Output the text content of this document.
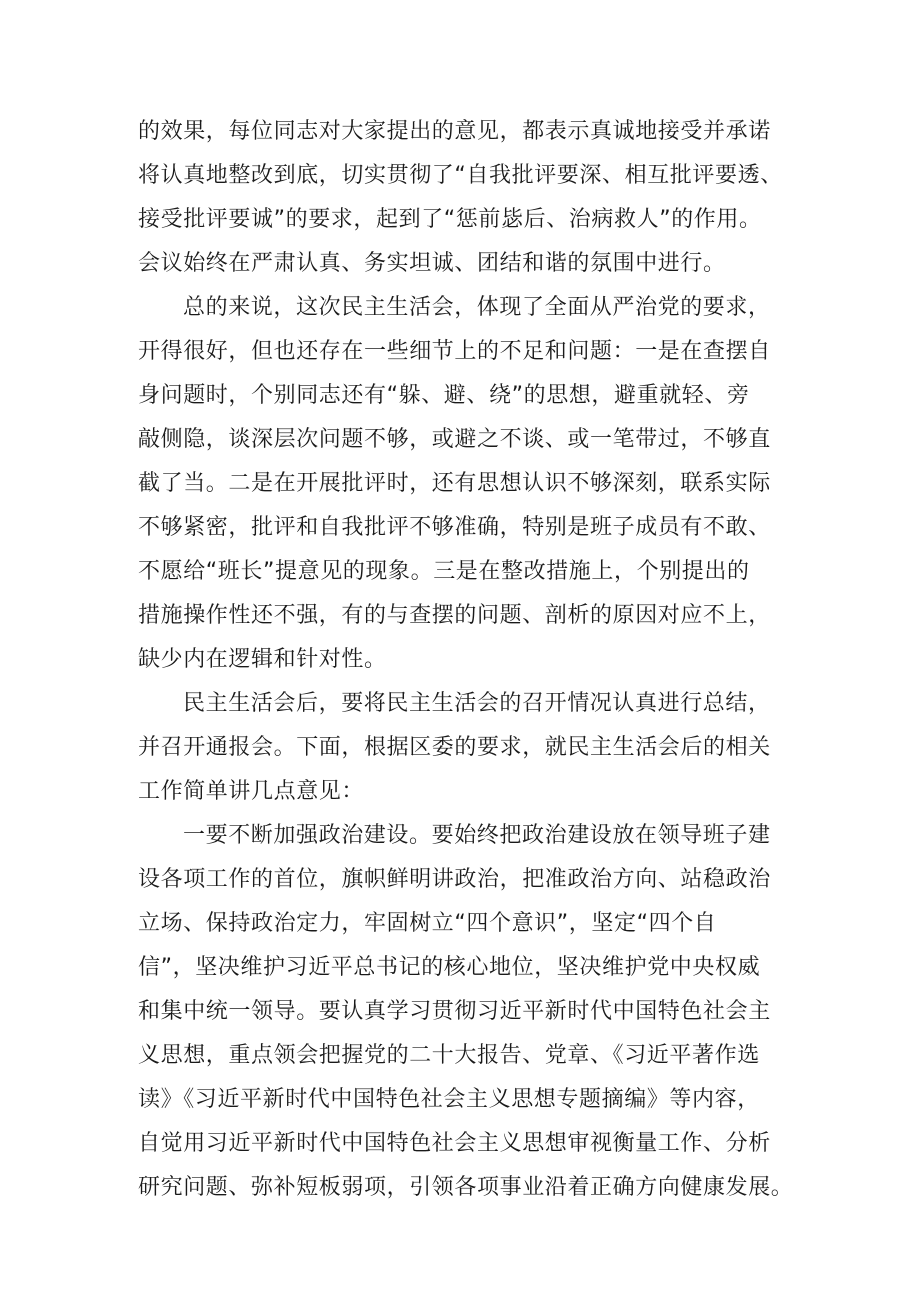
的效果，每位同志对大家提出的意见，都表示真诚地接受并承诺
将认真地整改到底，切实贯彻了“自我批评要深、相互批评要透、
接受批评要诚”的要求，起到了“惩前毖后、治病救人”的作用。
会议始终在严肃认真、务实坦诚、团结和谐的氛围中进行。
总的来说，这次民主生活会，体现了全面从严治党的要求，
开得很好，但也还存在一些细节上的不足和问题：一是在查摆自
身问题时，个别同志还有“躲、避、绕”的思想，避重就轻、旁
敲侧隐，谈深层次问题不够，或避之不谈、或一笔带过，不够直
截了当。二是在开展批评时，还有思想认识不够深刻，联系实际
不够紧密，批评和自我批评不够准确，特别是班子成员有不敢、
不愿给“班长”提意见的现象。三是在整改措施上，个别提出的
措施操作性还不强，有的与查摆的问题、剖析的原因对应不上，
缺少内在逻辑和针对性。
民主生活会后，要将民主生活会的召开情况认真进行总结，
并召开通报会。下面，根据区委的要求，就民主生活会后的相关
工作简单讲几点意见：
一要不断加强政治建设。要始终把政治建设放在领导班子建
设各项工作的首位，旗帜鲜明讲政治，把准政治方向、站稳政治
立场、保持政治定力，牢固树立“四个意识”，坚定“四个自
信”，坚决维护习近平总书记的核心地位，坚决维护党中央权威
和集中统一领导。要认真学习贯彻习近平新时代中国特色社会主
义思想，重点领会把握党的二十大报告、党章、《习近平著作选
读》《习近平新时代中国特色社会主义思想专题摘编》等内容，
自觉用习近平新时代中国特色社会主义思想审视衡量工作、分析
研究问题、弥补短板弱项，引领各项事业沿着正确方向健康发展。
